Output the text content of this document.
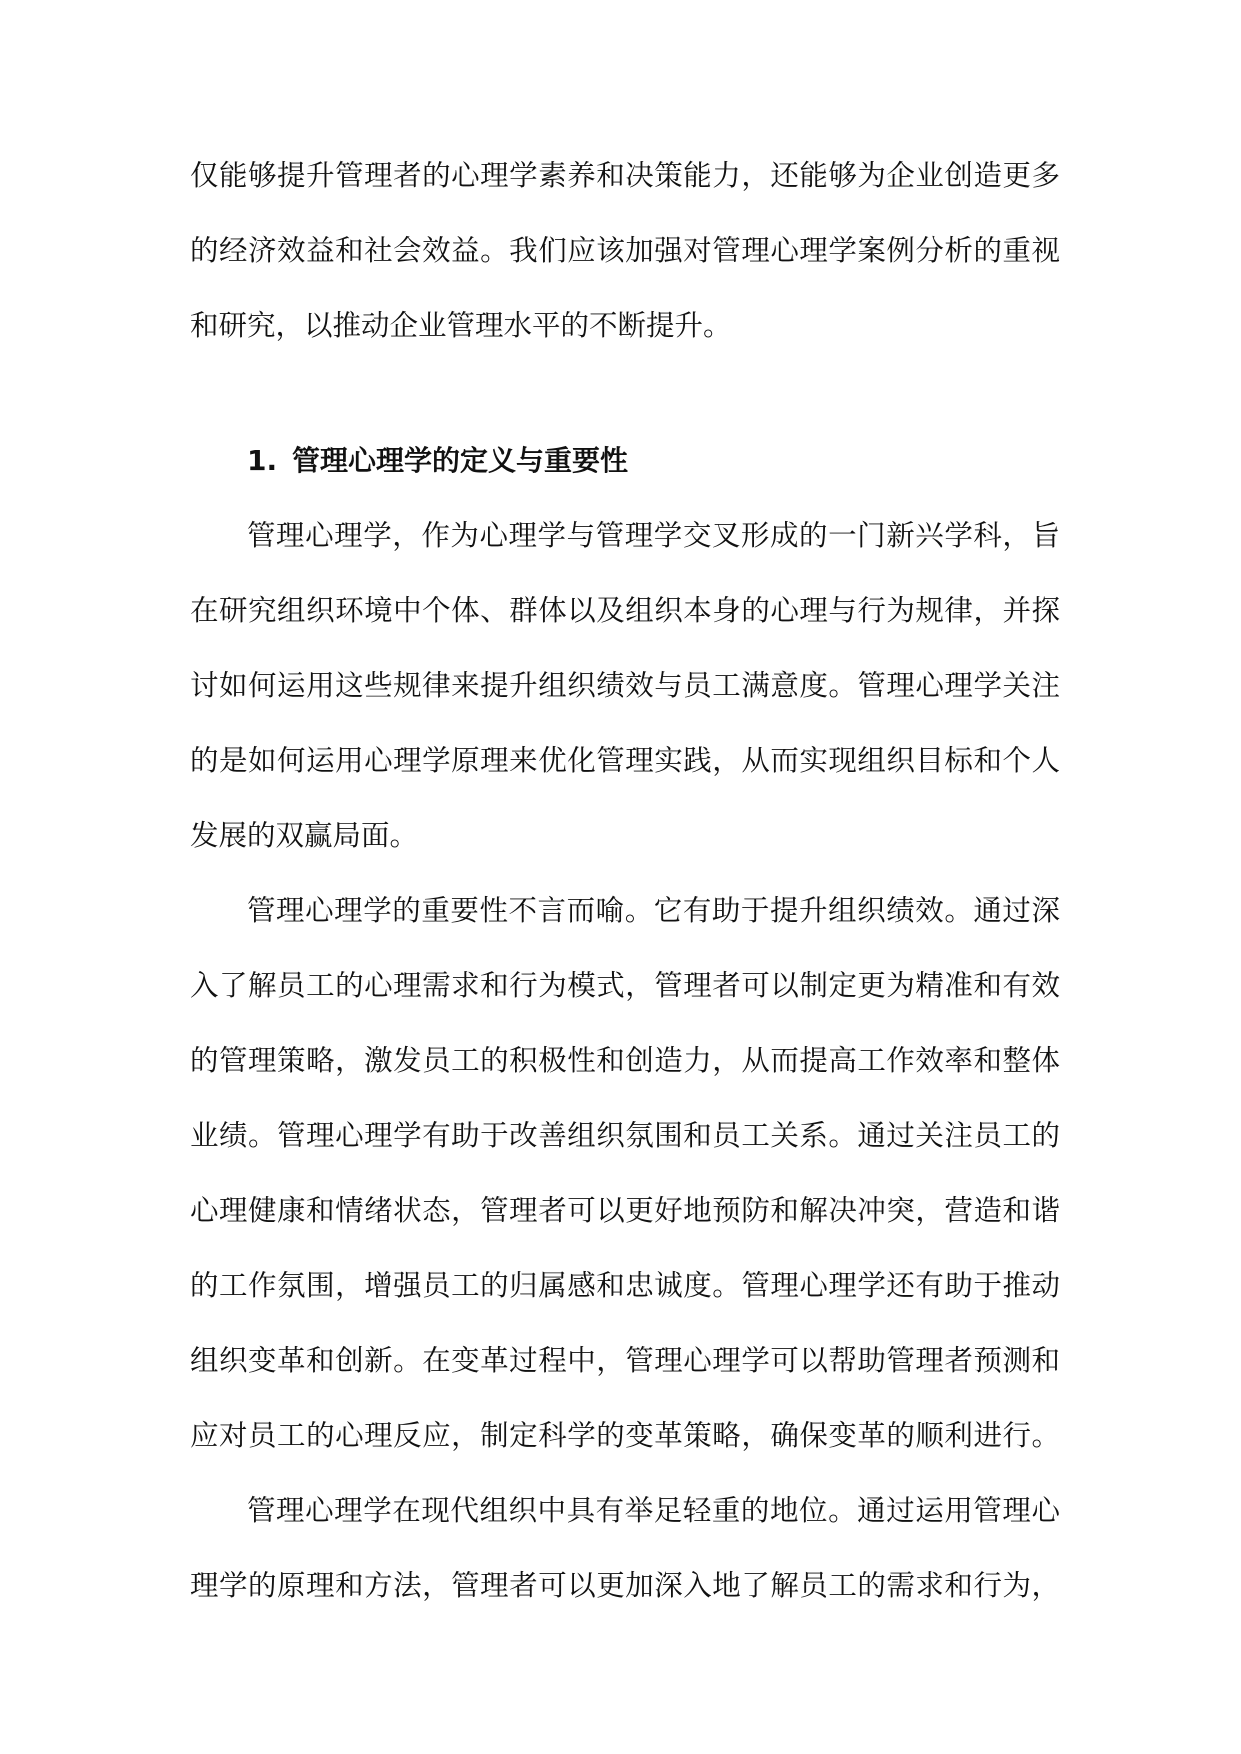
仅能够提升管理者的心理学素养和决策能力，还能够为企业创造更多
的经济效益和社会效益。我们应该加强对管理心理学案例分析的重视
和研究，以推动企业管理水平的不断提升。
1. 管理心理学的定义与重要性
管理心理学，作为心理学与管理学交叉形成的一门新兴学科，旨
在研究组织环境中个体、群体以及组织本身的心理与行为规律，并探
讨如何运用这些规律来提升组织绩效与员工满意度。管理心理学关注
的是如何运用心理学原理来优化管理实践，从而实现组织目标和个人
发展的双赢局面。
管理心理学的重要性不言而喻。它有助于提升组织绩效。通过深
入了解员工的心理需求和行为模式，管理者可以制定更为精准和有效
的管理策略，激发员工的积极性和创造力，从而提高工作效率和整体
业绩。管理心理学有助于改善组织氛围和员工关系。通过关注员工的
心理健康和情绪状态，管理者可以更好地预防和解决冲突，营造和谐
的工作氛围，增强员工的归属感和忠诚度。管理心理学还有助于推动
组织变革和创新。在变革过程中，管理心理学可以帮助管理者预测和
应对员工的心理反应，制定科学的变革策略，确保变革的顺利进行。
管理心理学在现代组织中具有举足轻重的地位。通过运用管理心
理学的原理和方法，管理者可以更加深入地了解员工的需求和行为，
